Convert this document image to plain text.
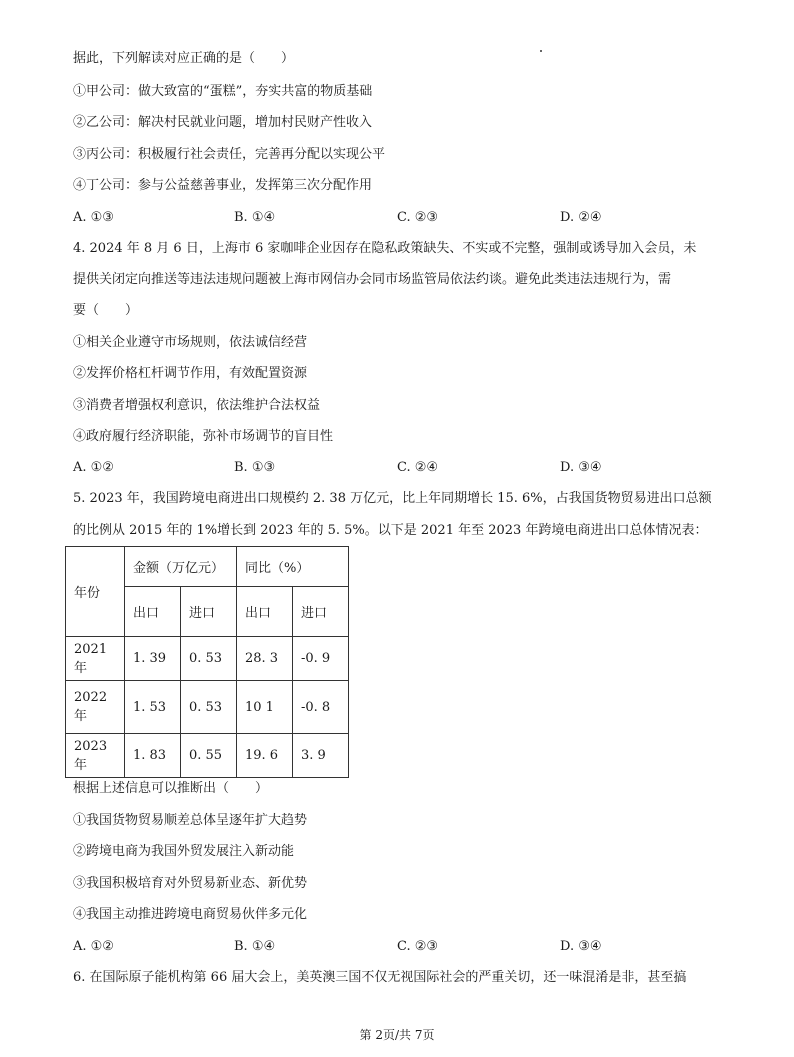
据此，下列解读对应正确的是（　　）
①甲公司：做大致富的“蛋糕”，夯实共富的物质基础
②乙公司：解决村民就业问题，增加村民财产性收入
③丙公司：积极履行社会责任，完善再分配以实现公平
④丁公司：参与公益慈善事业，发挥第三次分配作用
A. ①③	B. ①④	C. ②③	D. ②④
4. 2024 年 8 月 6 日，上海市 6 家咖啡企业因存在隐私政策缺失、不实或不完整，强制或诱导加入会员，未
提供关闭定向推送等违法违规问题被上海市网信办会同市场监管局依法约谈。避免此类违法违规行为，需
要（　　）
①相关企业遵守市场规则，依法诚信经营
②发挥价格杠杆调节作用，有效配置资源
③消费者增强权利意识，依法维护合法权益
④政府履行经济职能，弥补市场调节的盲目性
A. ①②	B. ①③	C. ②④	D. ③④
5. 2023 年，我国跨境电商进出口规模约 2. 38 万亿元，比上年同期增长 15. 6%，占我国货物贸易进出口总额
的比例从 2015 年的 1%增长到 2023 年的 5. 5%。以下是 2021 年至 2023 年跨境电商进出口总体情况表：
年份	金额（万亿元）		同比（%）	
	出口	进口	出口	进口
2021 年	1. 39	0. 53	28. 3	-0. 9
2022 年	1. 53	0. 53	10 1	-0. 8
2023 年	1. 83	0. 55	19. 6	3. 9
根据上述信息可以推断出（　　）
①我国货物贸易顺差总体呈逐年扩大趋势
②跨境电商为我国外贸发展注入新动能
③我国积极培育对外贸易新业态、新优势
④我国主动推进跨境电商贸易伙伴多元化
A. ①②	B. ①④	C. ②③	D. ③④
6. 在国际原子能机构第 66 届大会上，美英澳三国不仅无视国际社会的严重关切，还一味混淆是非，甚至搞
第 2页/共 7页
